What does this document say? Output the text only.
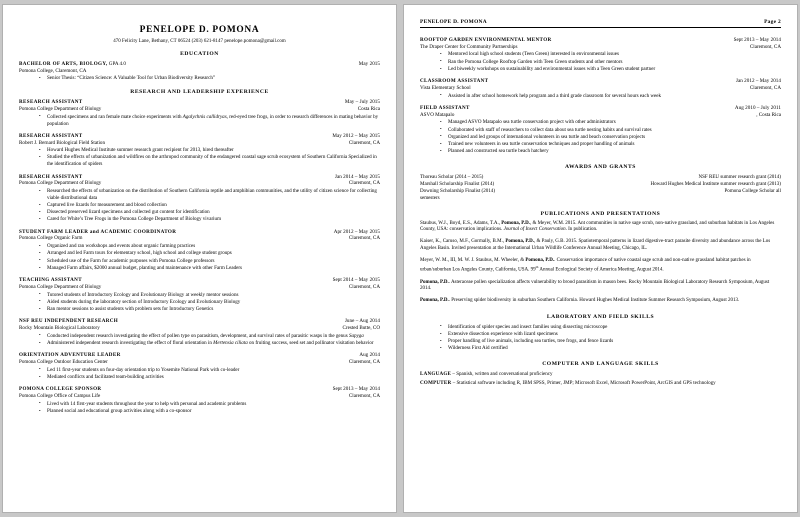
PENELOPE D. POMONA
470 Felicity Lane, Bethany, CT 06524 (203) 621-8147 penelope.pomona@gmail.com
EDUCATION
BACHELOR OF ARTS, BIOLOGY, GPA 4.0	May 2015
Pomona College, Claremont, CA
• Senior Thesis: “Citizen Science: A Valuable Tool for Urban Biodiversity Research”
RESEARCH AND LEADERSHIP EXPERIENCE
RESEARCH ASSISTANT	May – July 2015
Pomona College Department of Biology	Costa Rica
• Collected specimens and ran female mate choice experiments with Agalychnis callidryas, red-eyed tree frogs, in order to research differences in mating behavior by population
RESEARCH ASSISTANT	May 2012 – May 2015
Robert J. Bernard Biological Field Station	Claremont, CA
• Howard Hughes Medical Institute summer research grant recipient for 2013, hired thereafter
• Studied the effects of urbanization and wildfires on the arthropod community of the endangered coastal sage scrub ecosystem of Southern California Specialized in the identification of spiders
RESEARCH ASSISTANT	Jan 2014 – May 2015
Pomona College Department of Biology	Claremont, CA
• Researched the effects of urbanization on the distribution of Southern California reptile and amphibian communities, and the utility of citizen science for collecting viable distributional data
• Captured live lizards for measurement and blood collection
• Dissected preserved lizard specimens and collected gut content for identification
• Cared for White’s Tree Frogs in the Pomona College Department of Biology vivarium
STUDENT FARM LEADER and ACADEMIC COORDINATOR	Apr 2012 – May 2015
Pomona College Organic Farm	Claremont, CA
• Organized and ran workshops and events about organic farming practices
• Arranged and led Farm tours for elementary school, high school and college student groups
• Scheduled use of the Farm for academic purposes with Pomona College professors
• Managed Farm affairs, $2000 annual budget, planting and maintenance with other Farm Leaders
TEACHING ASSISTANT	Sept 2014 – May 2015
Pomona College Department of Biology	Claremont, CA
• Tutored students of Introductory Ecology and Evolutionary Biology at weekly mentor sessions
• Aided students during the laboratory section of Introductory Ecology and Evolutionary Biology
• Ran mentor sessions to assist students with problem sets for Introductory Genetics
NSF REU INDEPENDENT RESEARCH	June – Aug 2014
Rocky Mountain Biological Laboratory	Crested Butte, CO
• Conducted independent research investigating the effect of pollen type on parasitism, development, and survival rates of parasitic wasps in the genus Sapyga
• Administered independent research investigating the effect of floral orientation in Mertensia ciliata on fruiting success, seed set and pollinator visitation behavior
ORIENTATION ADVENTURE LEADER	Aug 2014
Pomona College Outdoor Education Center	Claremont, CA
• Led 11 first-year students on four-day orientation trip to Yosemite National Park with co-leader
• Mediated conflicts and facilitated team-building activities
POMONA COLLEGE SPONSOR	Sept 2013 – May 2014
Pomona College Office of Campus Life	Claremont, CA
• Lived with 14 first-year students throughout the year to help with personal and academic problems
• Planned social and educational group activities along with a co-sponsor
PENELOPE D. POMONA	Page 2
ROOFTOP GARDEN ENVIRONMENTAL MENTOR	Sept 2013 – May 2014
The Draper Center for Community Partnerships	Claremont, CA
• Mentored local high school students (Teen Green) interested in environmental issues
• Ran the Pomona College Rooftop Garden with Teen Green students and other mentors
• Led biweekly workshops on sustainability and environmental issues with a Teen Green student partner
CLASSROOM ASSISTANT	Jan 2012 – May 2014
Vista Elementary School	Claremont, CA
• Assisted in after school homework help program and a third grade classroom for several hours each week
FIELD ASSISTANT	Aug 2010 – July 2011
ASVO Matapalo	, Costa Rica
• Managed ASVO Matapalo sea turtle conservation project with other administrators
• Collaborated with staff of researchers to collect data about sea turtle nesting habits and survival rates
• Organized and led groups of international volunteers in sea turtle and beach conservation projects
• Trained new volunteers in sea turtle conservation techniques and proper handling of animals
• Planned and constructed sea turtle beach hatchery
AWARDS AND GRANTS
Thoreau Scholar (2014 – 2015)	NSF REU summer research grant (2014)
Marshall Scholarship Finalist (2014)	Howard Hughes Medical Institute summer research grant (2013)
Downing Scholarship Finalist (2014)	Pomona College Scholar all
semesters
PUBLICATIONS AND PRESENTATIONS
Staubus, W.J., Boyd, E.S., Adams, T.A., Pomona, P.D., & Meyer, W.M. 2015. Ant communities in native sage scrub, non-native grassland, and suburban habitats in Los Angeles County, USA: conservation implications. Journal of Insect Conservation. In publication.
Kaiser, K., Caruso, M.F., Gormally, B.M., Pomona, P.D., & Pauly, G.B. 2015. Spatiotemporal patterns in lizard digestive-tract parasite diversity and abundance across the Los Angeles Basin. Invited presentation at the International Urban Wildlife Conference Annual Meeting, Chicago, IL.
Meyer, W. M., III, M. W. J. Staubus, M. Wheeler, & Pomona, P.D.. Conservation importance of native coastal sage scrub and non-native grassland habitat patches in urban/suburban Los Angeles County, California, USA. 99th Annual Ecological Society of America Meeting, August 2014.
Pomona, P.D.. Asteraceae pollen specialization affects vulnerability to brood parasitism in mason bees. Rocky Mountain Biological Laboratory Research Symposium, August 2014.
Pomona, P.D.. Preserving spider biodiversity in suburban Southern California. Howard Hughes Medical Institute Summer Research Symposium, August 2013.
LABORATORY AND FIELD SKILLS
• Identification of spider species and insect families using dissecting microscope
• Extensive dissection experience with lizard specimens
• Proper handling of live animals, including sea turtles, tree frogs, and fence lizards
• Wilderness First Aid certified
COMPUTER AND LANGUAGE SKILLS
LANGUAGE – Spanish, written and conversational proficiency
COMPUTER – Statistical software including R, IBM SPSS, Primer, JMP; Microsoft Excel, Microsoft PowerPoint, ArcGIS and GPS technology
